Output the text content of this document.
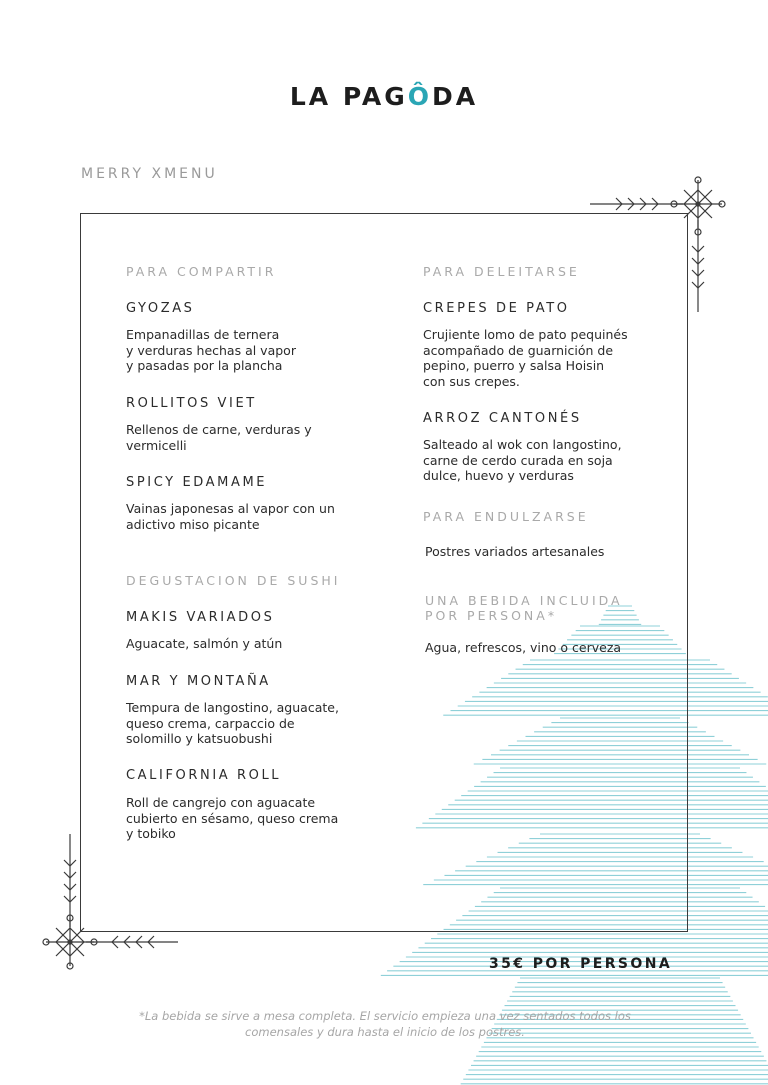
LA PAGÔDA
MERRY XMENU
PARA COMPARTIR
GYOZAS
Empanadillas de ternera
y verduras hechas al vapor
y pasadas por la plancha
ROLLITOS VIET
Rellenos de carne, verduras y
vermicelli
SPICY EDAMAME
Vainas japonesas al vapor con un
adictivo miso picante
DEGUSTACION DE SUSHI
MAKIS VARIADOS
Aguacate, salmón y atún
MAR Y MONTAÑA
Tempura de langostino, aguacate,
queso crema, carpaccio de
solomillo y katsuobushi
CALIFORNIA ROLL
Roll de cangrejo con aguacate
cubierto en sésamo, queso crema
y tobiko
PARA DELEITARSE
CREPES DE PATO
Crujiente lomo de pato pequinés
acompañado de guarnición de
pepino, puerro y salsa Hoisin
con sus crepes.
ARROZ CANTONÉS
Salteado al wok con langostino,
carne de cerdo curada en soja
dulce, huevo y verduras
PARA ENDULZARSE
Postres variados artesanales
UNA BEBIDA INCLUIDA
POR PERSONA*
Agua, refrescos, vino o cerveza
35€ POR PERSONA
*La bebida se sirve a mesa completa. El servicio empieza una vez sentados todos los
comensales y dura hasta el inicio de los postres.
